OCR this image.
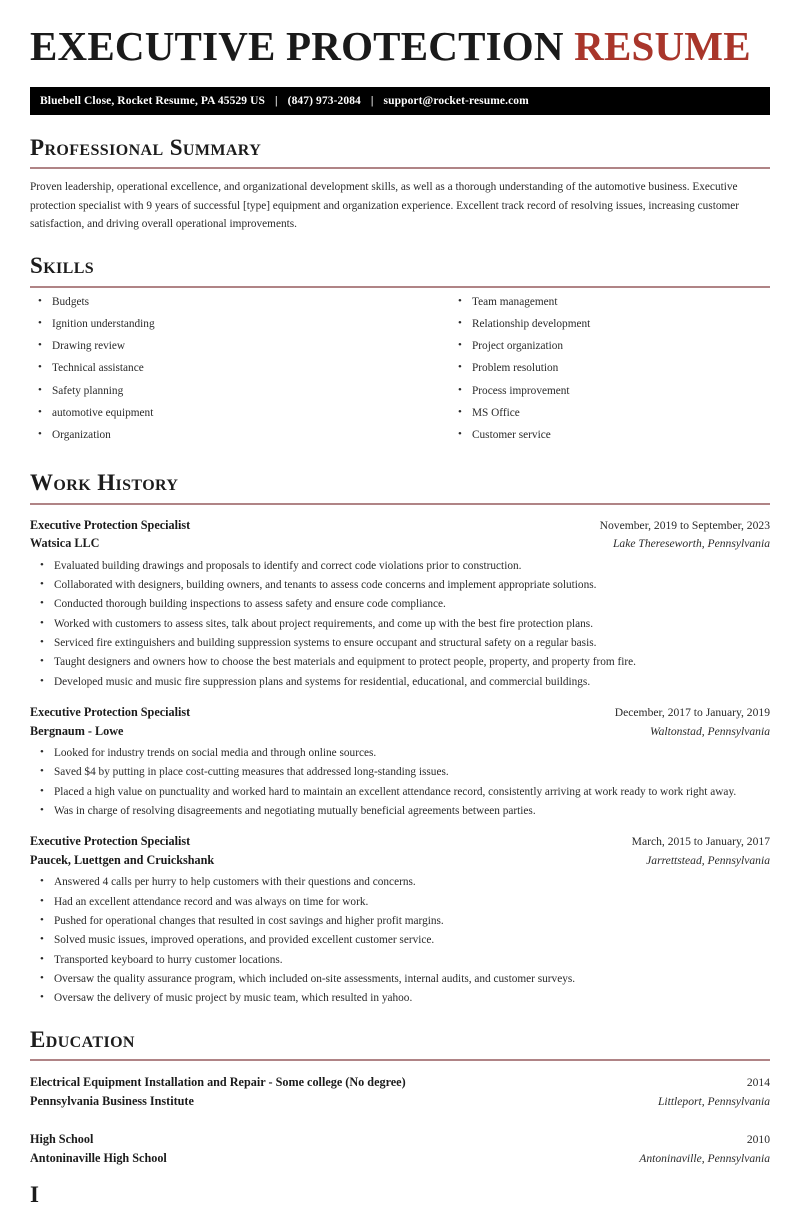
EXECUTIVE PROTECTION RESUME
Bluebell Close, Rocket Resume, PA 45529 US | (847) 973-2084 | support@rocket-resume.com
Professional Summary

Proven leadership, operational excellence, and organizational development skills, as well as a thorough understanding of the automotive business. Executive protection specialist with 9 years of successful [type] equipment and organization experience. Excellent track record of resolving issues, increasing customer satisfaction, and driving overall operational improvements.

Skills
• Budgets
• Ignition understanding
• Drawing review
• Technical assistance
• Safety planning
• automotive equipment
• Organization
• Team management
• Relationship development
• Project organization
• Problem resolution
• Process improvement
• MS Office
• Customer service
Work History
Executive Protection Specialist	November, 2019 to September, 2023
Watsica LLC	Lake Thereseworth, Pennsylvania
• Evaluated building drawings and proposals to identify and correct code violations prior to construction.
• Collaborated with designers, building owners, and tenants to assess code concerns and implement appropriate solutions.
• Conducted thorough building inspections to assess safety and ensure code compliance.
• Worked with customers to assess sites, talk about project requirements, and come up with the best fire protection plans.
• Serviced fire extinguishers and building suppression systems to ensure occupant and structural safety on a regular basis.
• Taught designers and owners how to choose the best materials and equipment to protect people, property, and property from fire.
• Developed music and music fire suppression plans and systems for residential, educational, and commercial buildings.
Executive Protection Specialist	December, 2017 to January, 2019
Bergnaum - Lowe	Waltonstad, Pennsylvania
• Looked for industry trends on social media and through online sources.
• Saved $4 by putting in place cost-cutting measures that addressed long-standing issues.
• Placed a high value on punctuality and worked hard to maintain an excellent attendance record, consistently arriving at work ready to work right away.
• Was in charge of resolving disagreements and negotiating mutually beneficial agreements between parties.
Executive Protection Specialist	March, 2015 to January, 2017
Paucek, Luettgen and Cruickshank	Jarrettstead, Pennsylvania
• Answered 4 calls per hurry to help customers with their questions and concerns.
• Had an excellent attendance record and was always on time for work.
• Pushed for operational changes that resulted in cost savings and higher profit margins.
• Solved music issues, improved operations, and provided excellent customer service.
• Transported keyboard to hurry customer locations.
• Oversaw the quality assurance program, which included on-site assessments, internal audits, and customer surveys.
• Oversaw the delivery of music project by music team, which resulted in yahoo.
Education
Electrical Equipment Installation and Repair - Some college (No degree)	2014
Pennsylvania Business Institute	Littleport, Pennsylvania
High School	2010
Antoninaville High School	Antoninaville, Pennsylvania
I
